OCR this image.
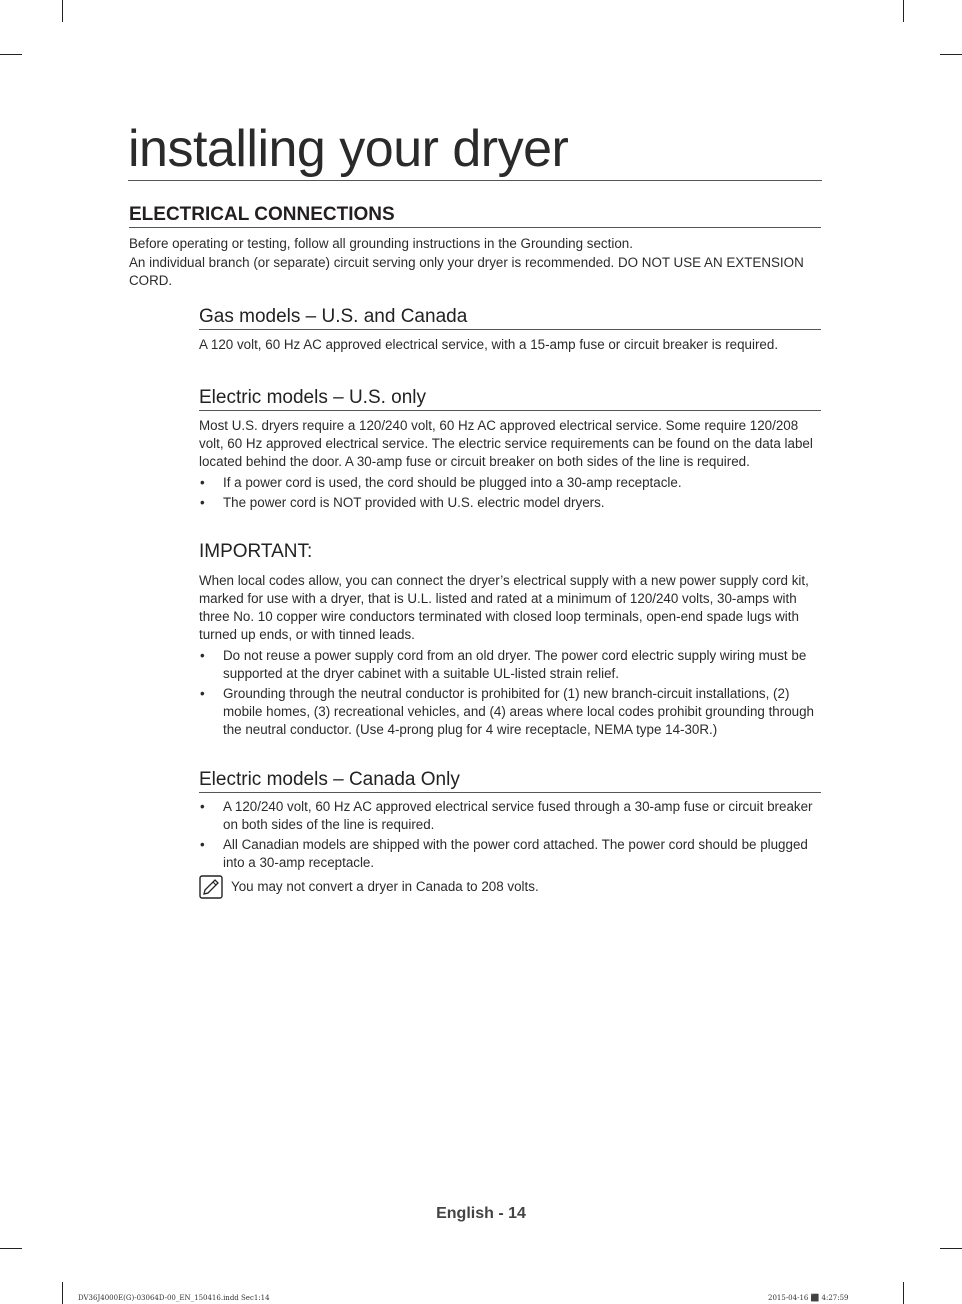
installing your dryer
ELECTRICAL CONNECTIONS

Before operating or testing, follow all grounding instructions in the Grounding section.

An individual branch (or separate) circuit serving only your dryer is recommended. DO NOT USE AN EXTENSION CORD.

Gas models – U.S. and Canada

A 120 volt, 60 Hz AC approved electrical service, with a 15-amp fuse or circuit breaker is required.

Electric models – U.S. only

Most U.S. dryers require a 120/240 volt, 60 Hz AC approved electrical service. Some require 120/208 volt, 60 Hz approved electrical service. The electric service requirements can be found on the data label located behind the door. A 30-amp fuse or circuit breaker on both sides of the line is required.

• If a power cord is used, the cord should be plugged into a 30-amp receptacle.
• The power cord is NOT provided with U.S. electric model dryers.
IMPORTANT:

When local codes allow, you can connect the dryer’s electrical supply with a new power supply cord kit, marked for use with a dryer, that is U.L. listed and rated at a minimum of 120/240 volts, 30-amps with three No. 10 copper wire conductors terminated with closed loop terminals, open-end spade lugs with turned up ends, or with tinned leads.

• Do not reuse a power supply cord from an old dryer. The power cord electric supply wiring must be supported at the dryer cabinet with a suitable UL-listed strain relief.
• Grounding through the neutral conductor is prohibited for (1) new branch-circuit installations, (2) mobile homes, (3) recreational vehicles, and (4) areas where local codes prohibit grounding through the neutral conductor. (Use 4-prong plug for 4 wire receptacle, NEMA type 14-30R.)
Electric models – Canada Only
• A 120/240 volt, 60 Hz AC approved electrical service fused through a 30-amp fuse or circuit breaker on both sides of the line is required.
• All Canadian models are shipped with the power cord attached. The power cord should be plugged into a 30-amp receptacle.
You may not convert a dryer in Canada to 208 volts.
English - 14
DV36J4000E(G)-03064D-00_EN_150416.indd Sec1:14	2015-04-16 ⬛ 4:27:59
